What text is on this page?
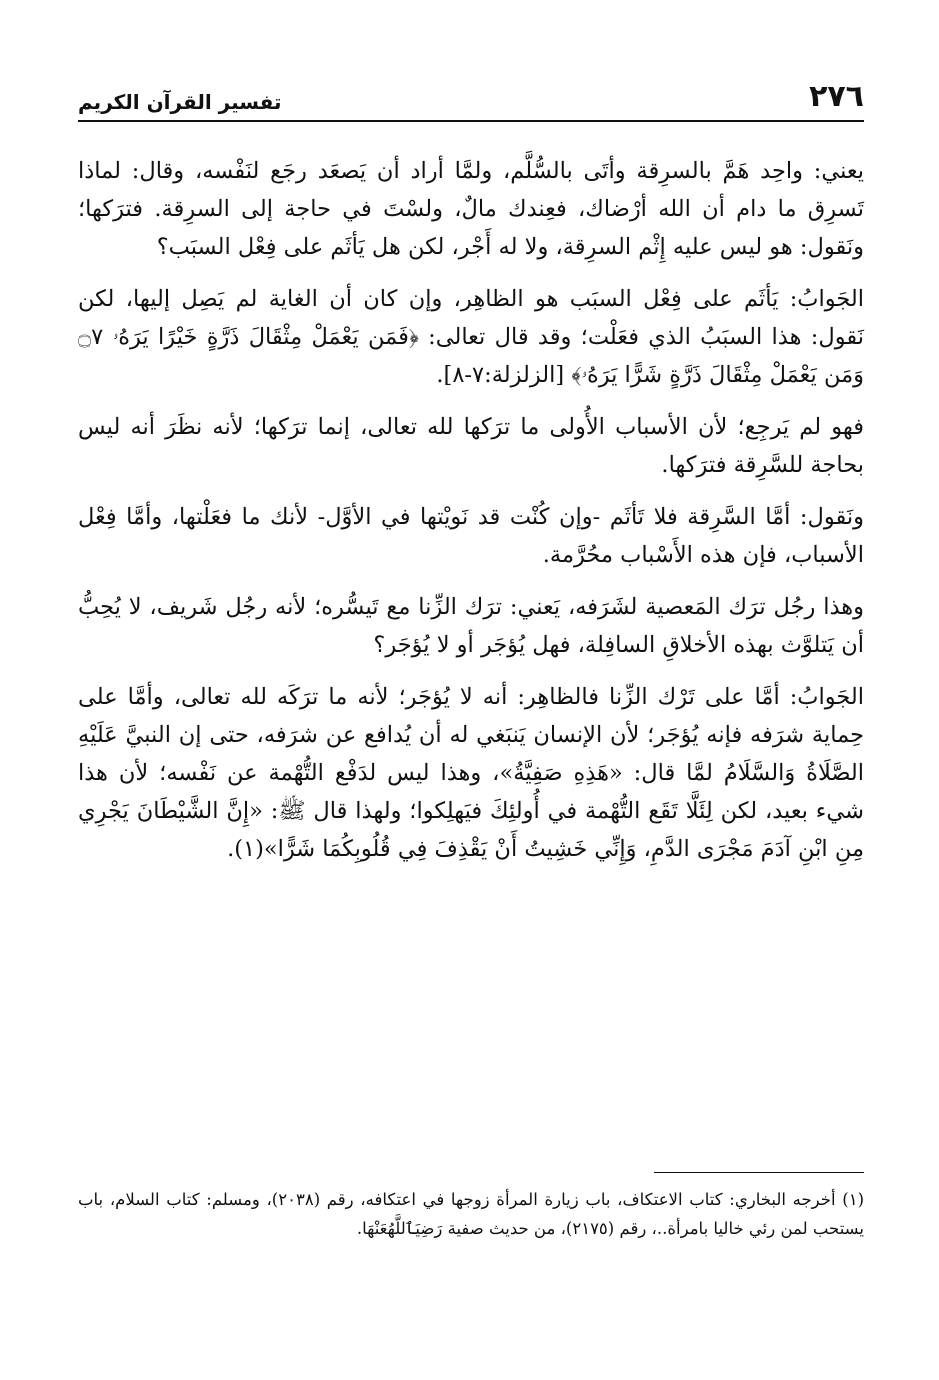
٢٧٦
تفسير القرآن الكريم

يعني: واحِد هَمَّ بالسرِقة وأتَى بالسُّلَّم، ولمَّا أراد أن يَصعَد رجَع لنَفْسه، وقال: لماذا تَسرِق ما دام أن الله أرْضاك، فعِندك مالٌ، ولسْتَ في حاجة إلى السرِقة. فترَكها؛ ونَقول: هو ليس عليه إِثْم السرِقة، ولا له أَجْر، لكن هل يَأثَم على فِعْل السبَب؟

الجَوابُ: يَأثَم على فِعْل السبَب هو الظاهِر، وإن كان أن الغاية لم يَصِل إليها، لكن نَقول: هذا السبَبُ الذي فعَلْت؛ وقد قال تعالى: ﴿فَمَن يَعْمَلْ مِثْقَالَ ذَرَّةٍ خَيْرًا يَرَهُۥ ۝٧ وَمَن يَعْمَلْ مِثْقَالَ ذَرَّةٍ شَرًّا يَرَهُۥ﴾ [الزلزلة:٧-٨].

فهو لم يَرجِع؛ لأن الأسباب الأُولى ما ترَكها لله تعالى، إنما ترَكها؛ لأنه نظَرَ أنه ليس بحاجة للسَّرِقة فترَكها.

ونَقول: أمَّا السَّرِقة فلا تَأثَم -وإن كُنْت قد نَويْتها في الأوَّل- لأنك ما فعَلْتها، وأمَّا فِعْل الأسباب، فإن هذه الأَسْباب محُرَّمة.

وهذا رجُل ترَك المَعصية لشَرَفه، يَعني: ترَك الزِّنا مع تَيسُّره؛ لأنه رجُل شَريف، لا يُحِبُّ أن يَتلوَّث بهذه الأخلاقِ السافِلة، فهل يُؤجَر أو لا يُؤجَر؟

الجَوابُ: أمَّا على تَرْك الزِّنا فالظاهِر: أنه لا يُؤجَر؛ لأنه ما ترَكَه لله تعالى، وأمَّا على حِماية شرَفه فإنه يُؤجَر؛ لأن الإنسان يَنبَغي له أن يُدافع عن شرَفه، حتى إن النبيَّ عَلَيْهِ الصَّلَاةُ وَالسَّلَامُ لمَّا قال: «هَذِهِ صَفِيَّةُ»، وهذا ليس لدَفْع التُّهْمة عن نَفْسه؛ لأن هذا شيء بعيد، لكن لِئَلَّا تَقَع التُّهْمة في أُولئِكَ فيَهلِكوا؛ ولهذا قال ﷺ: «إِنَّ الشَّيْطَانَ يَجْرِي مِنِ ابْنِ آدَمَ مَجْرَى الدَّمِ، وَإِنِّي خَشِيتُ أَنْ يَقْذِفَ فِي قُلُوبِكُمَا شَرًّا»(١).

(١) أخرجه البخاري: كتاب الاعتكاف، باب زيارة المرأة زوجها في اعتكافه، رقم (٢٠٣٨)، ومسلم: كتاب السلام، باب يستحب لمن رئي خاليا بامرأة..، رقم (٢١٧٥)، من حديث صفية رَضِيَٱللَّهُعَنْهَا.
